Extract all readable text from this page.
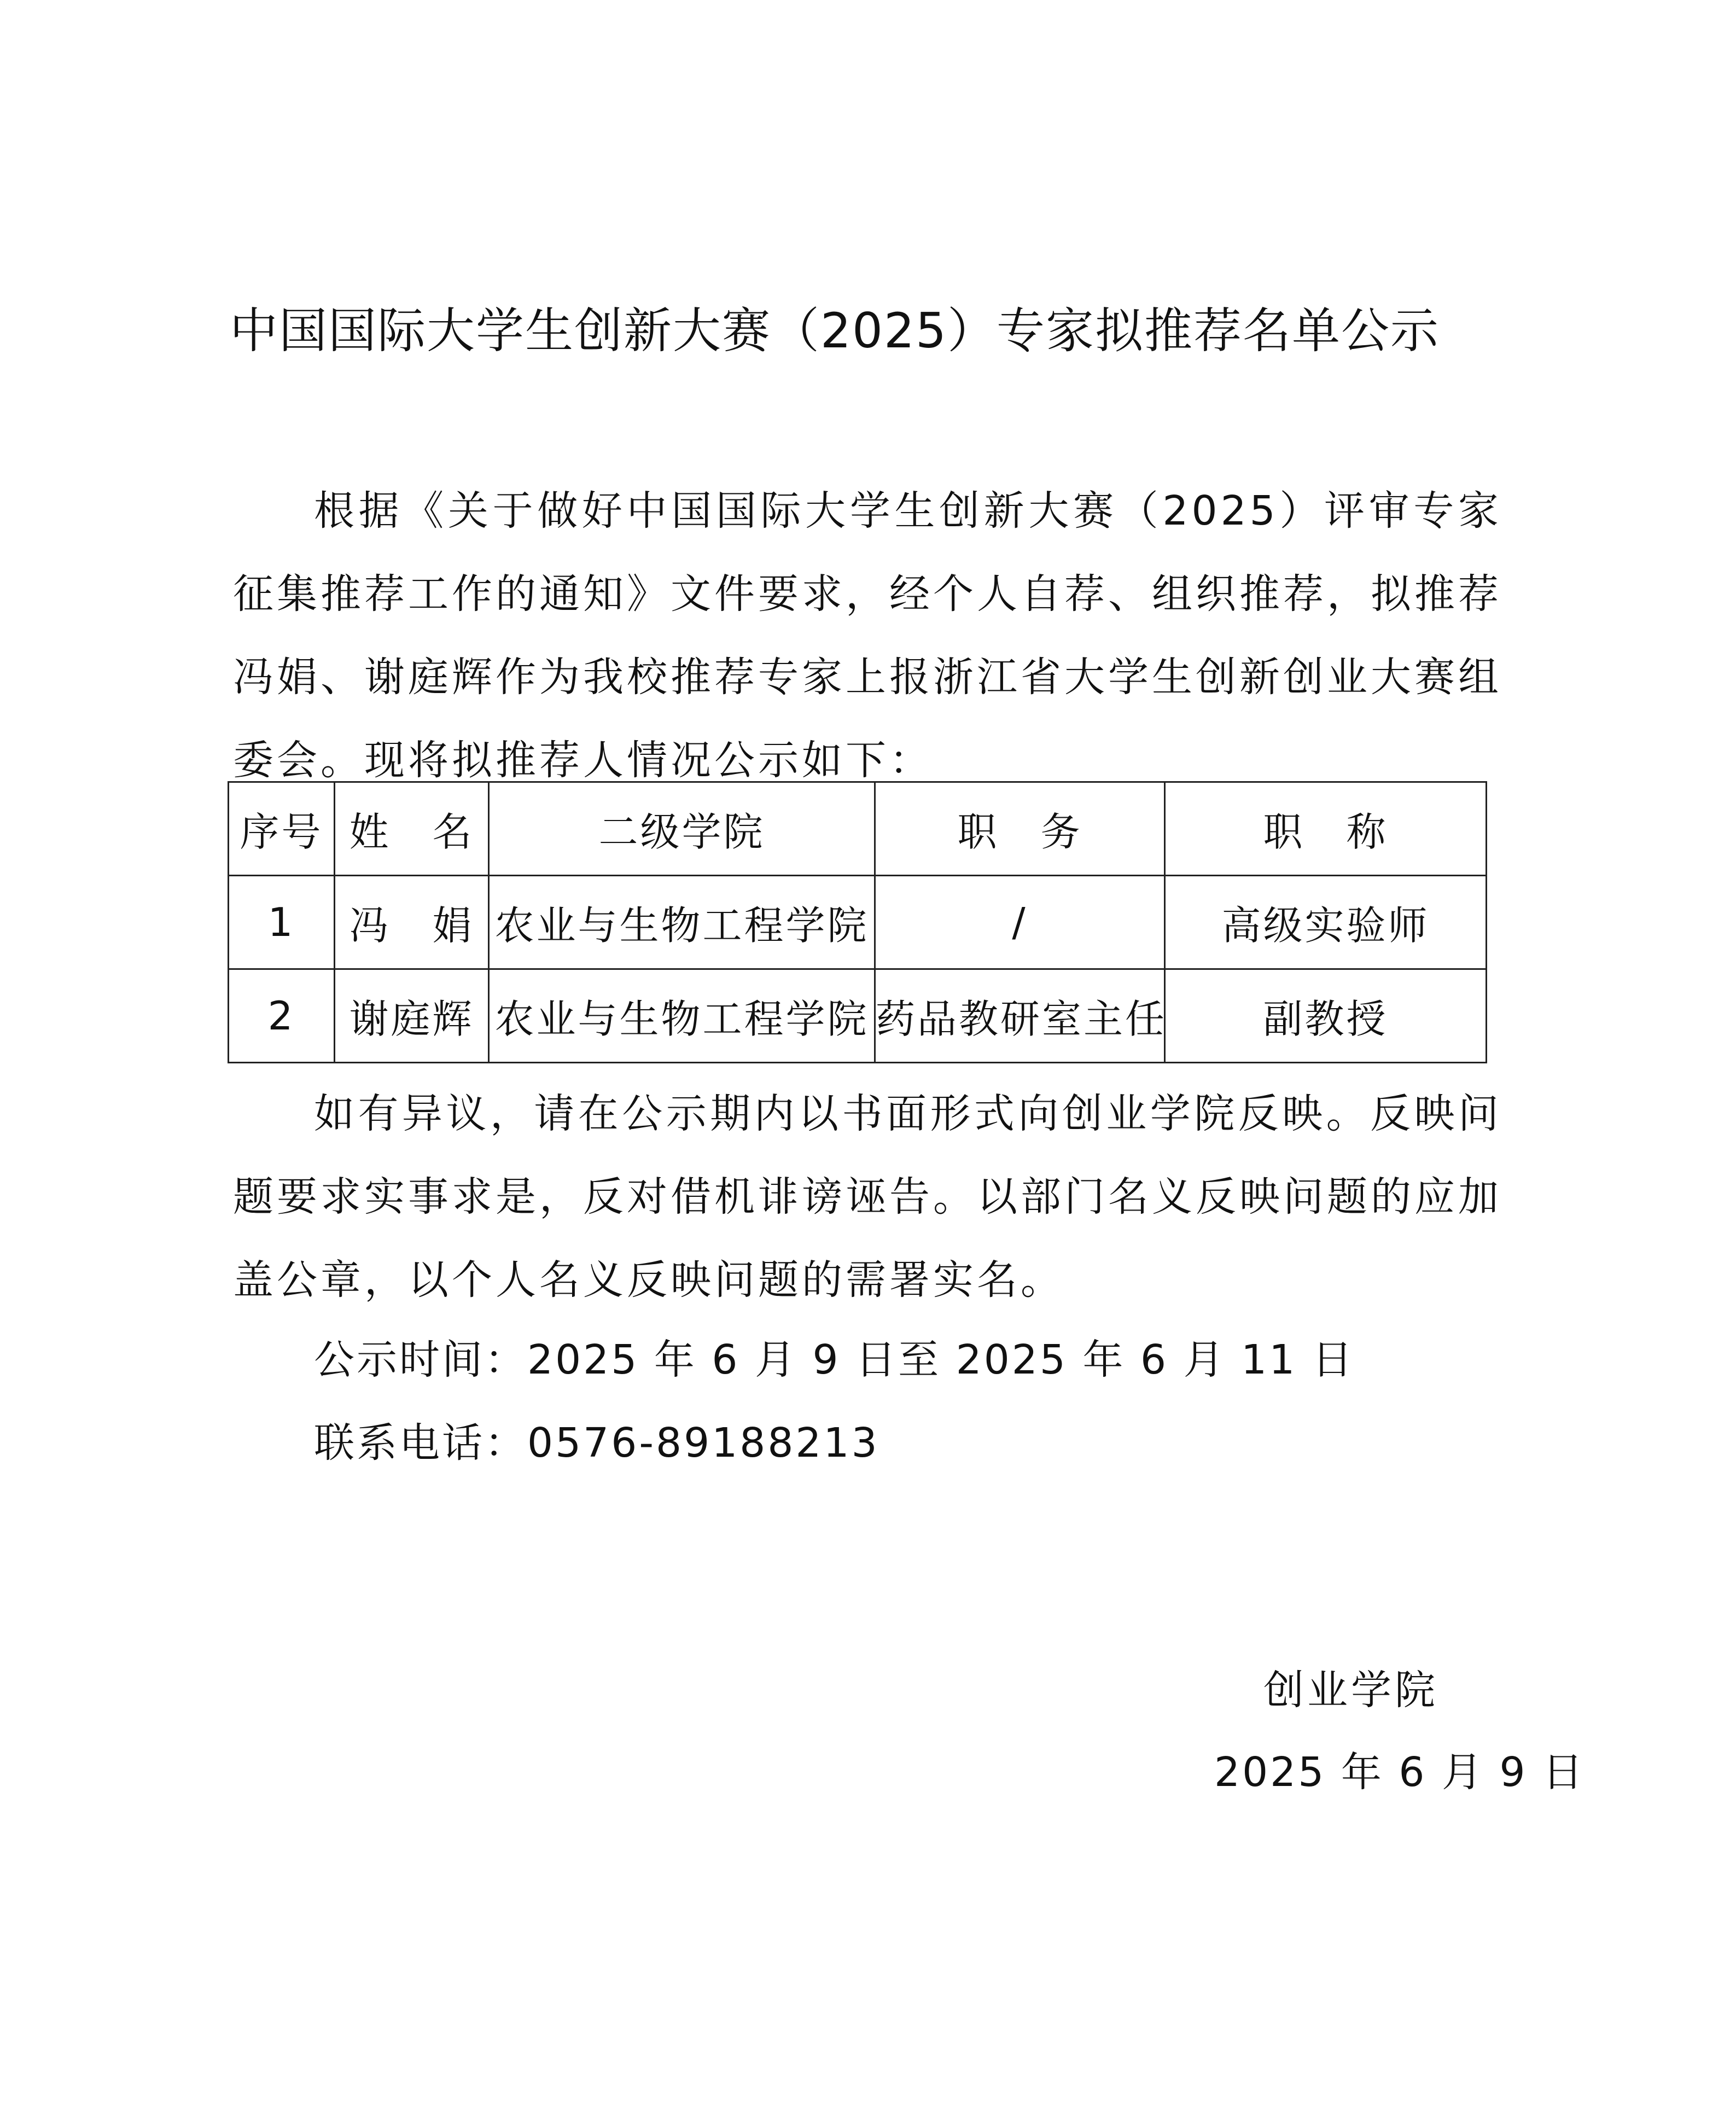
中国国际大学生创新大赛（2025）专家拟推荐名单公示

根据《关于做好中国国际大学生创新大赛（2025）评审专家征集推荐工作的通知》文件要求，经个人自荐、组织推荐，拟推荐冯娟、谢庭辉作为我校推荐专家上报浙江省大学生创新创业大赛组委会。现将拟推荐人情况公示如下：

序号	姓　名	二级学院	职　务	职　称
1	冯　娟	农业与生物工程学院	/	高级实验师
2	谢庭辉	农业与生物工程学院	药品教研室主任	副教授

如有异议，请在公示期内以书面形式向创业学院反映。反映问题要求实事求是，反对借机诽谤诬告。以部门名义反映问题的应加盖公章，以个人名义反映问题的需署实名。

公示时间：2025 年 6 月 9 日至 2025 年 6 月 11 日

联系电话：0576-89188213

创业学院
2025 年 6 月 9 日
